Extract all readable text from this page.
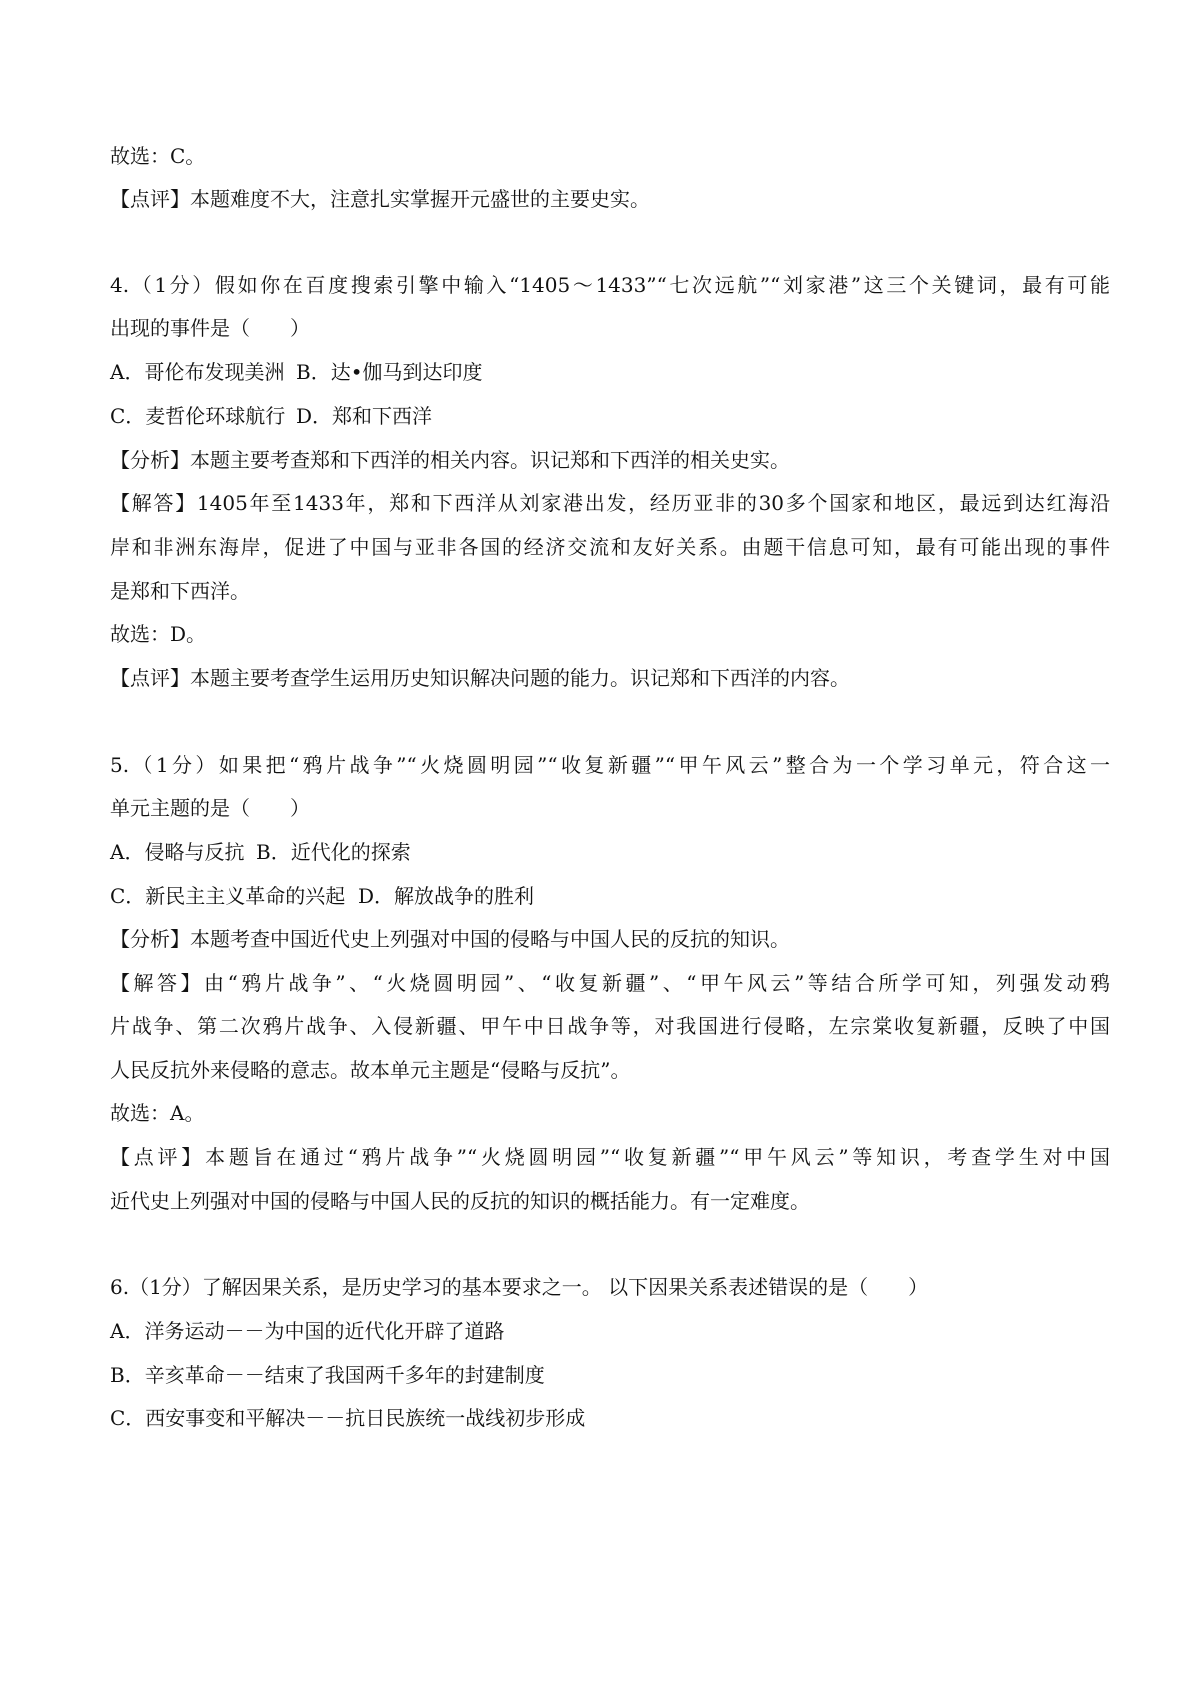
故选：C。
【点评】本题难度不大，注意扎实掌握开元盛世的主要史实。
4.（1分）假如你在百度搜索引擎中输入“1405～1433”“七次远航”“刘家港”这三个关键词，最有可能
出现的事件是（　　）
A．哥伦布发现美洲 B．达•伽马到达印度
C．麦哲伦环球航行 D．郑和下西洋
【分析】本题主要考查郑和下西洋的相关内容。识记郑和下西洋的相关史实。
【解答】1405年至1433年，郑和下西洋从刘家港出发，经历亚非的30多个国家和地区，最远到达红海沿
岸和非洲东海岸，促进了中国与亚非各国的经济交流和友好关系。由题干信息可知，最有可能出现的事件
是郑和下西洋。
故选：D。
【点评】本题主要考查学生运用历史知识解决问题的能力。识记郑和下西洋的内容。
5.（1分）如果把“鸦片战争”“火烧圆明园”“收复新疆”“甲午风云”整合为一个学习单元，符合这一
单元主题的是（　　）
A．侵略与反抗 B．近代化的探索
C．新民主主义革命的兴起 D．解放战争的胜利
【分析】本题考查中国近代史上列强对中国的侵略与中国人民的反抗的知识。
【解答】由“鸦片战争”、“火烧圆明园”、“收复新疆”、“甲午风云”等结合所学可知，列强发动鸦
片战争、第二次鸦片战争、入侵新疆、甲午中日战争等，对我国进行侵略，左宗棠收复新疆，反映了中国
人民反抗外来侵略的意志。故本单元主题是“侵略与反抗”。
故选：A。
【点评】本题旨在通过“鸦片战争”“火烧圆明园”“收复新疆”“甲午风云”等知识，考查学生对中国
近代史上列强对中国的侵略与中国人民的反抗的知识的概括能力。有一定难度。
6.（1分）了解因果关系，是历史学习的基本要求之一。 以下因果关系表述错误的是（　　）
A．洋务运动－－为中国的近代化开辟了道路
B．辛亥革命－－结束了我国两千多年的封建制度
C．西安事变和平解决－－抗日民族统一战线初步形成
